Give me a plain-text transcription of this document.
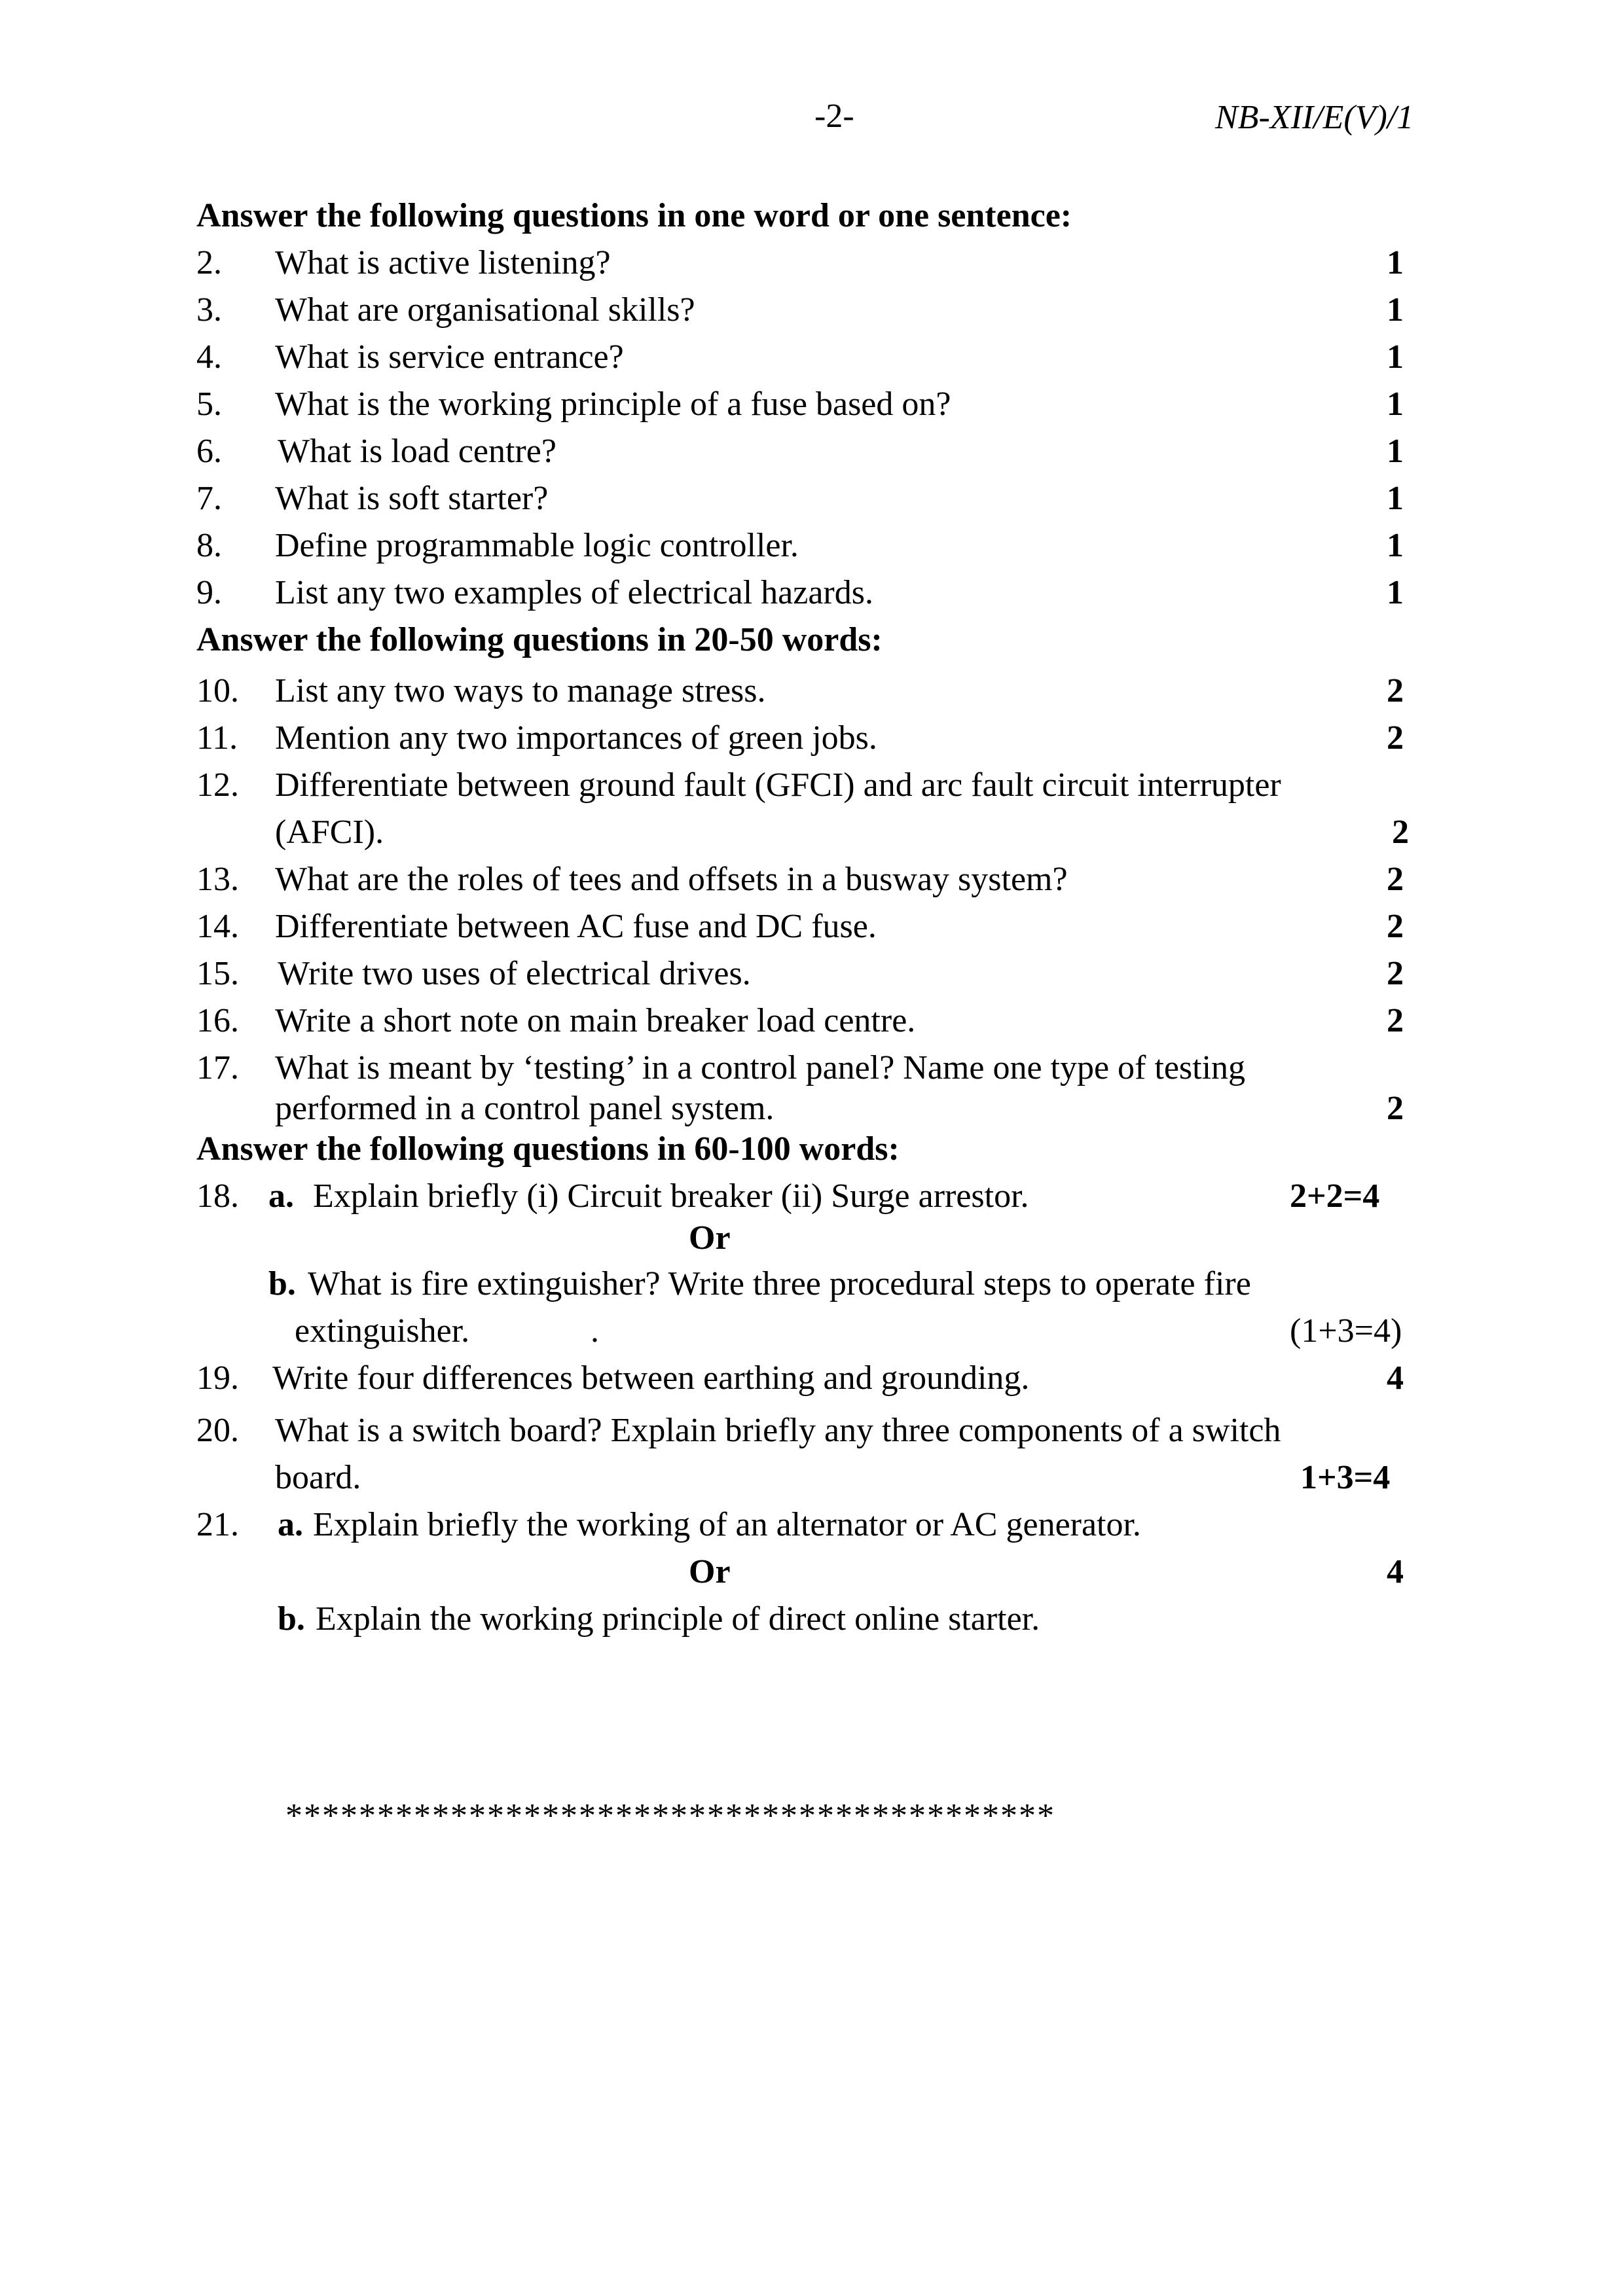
-2-	NB-XII/E(V)/1
Answer the following questions in one word or one sentence:
2. What is active listening?	1
3. What are organisational skills?	1
4. What is service entrance?	1
5. What is the working principle of a fuse based on?	1
6. What is load centre?	1
7. What is soft starter?	1
8. Define programmable logic controller.	1
9. List any two examples of electrical hazards.	1
Answer the following questions in 20-50 words:
10. List any two ways to manage stress.	2
11. Mention any two importances of green jobs.	2
12. Differentiate between ground fault (GFCI) and arc fault circuit interrupter
(AFCI).	2
13. What are the roles of tees and offsets in a busway system?	2
14. Differentiate between AC fuse and DC fuse.	2
15. Write two uses of electrical drives.	2
16. Write a short note on main breaker load centre.	2
17. What is meant by ‘testing’ in a control panel? Name one type of testing
performed in a control panel system.	2
Answer the following questions in 60-100 words:
18. a. Explain briefly (i) Circuit breaker (ii) Surge arrestor.	2+2=4
Or
b. What is fire extinguisher? Write three procedural steps to operate fire
extinguisher.	.	(1+3=4)
19. Write four differences between earthing and grounding.	4
20. What is a switch board? Explain briefly any three components of a switch
board.	1+3=4
21. a. Explain briefly the working of an alternator or AC generator.
Or	4
b. Explain the working principle of direct online starter.
******************************************
